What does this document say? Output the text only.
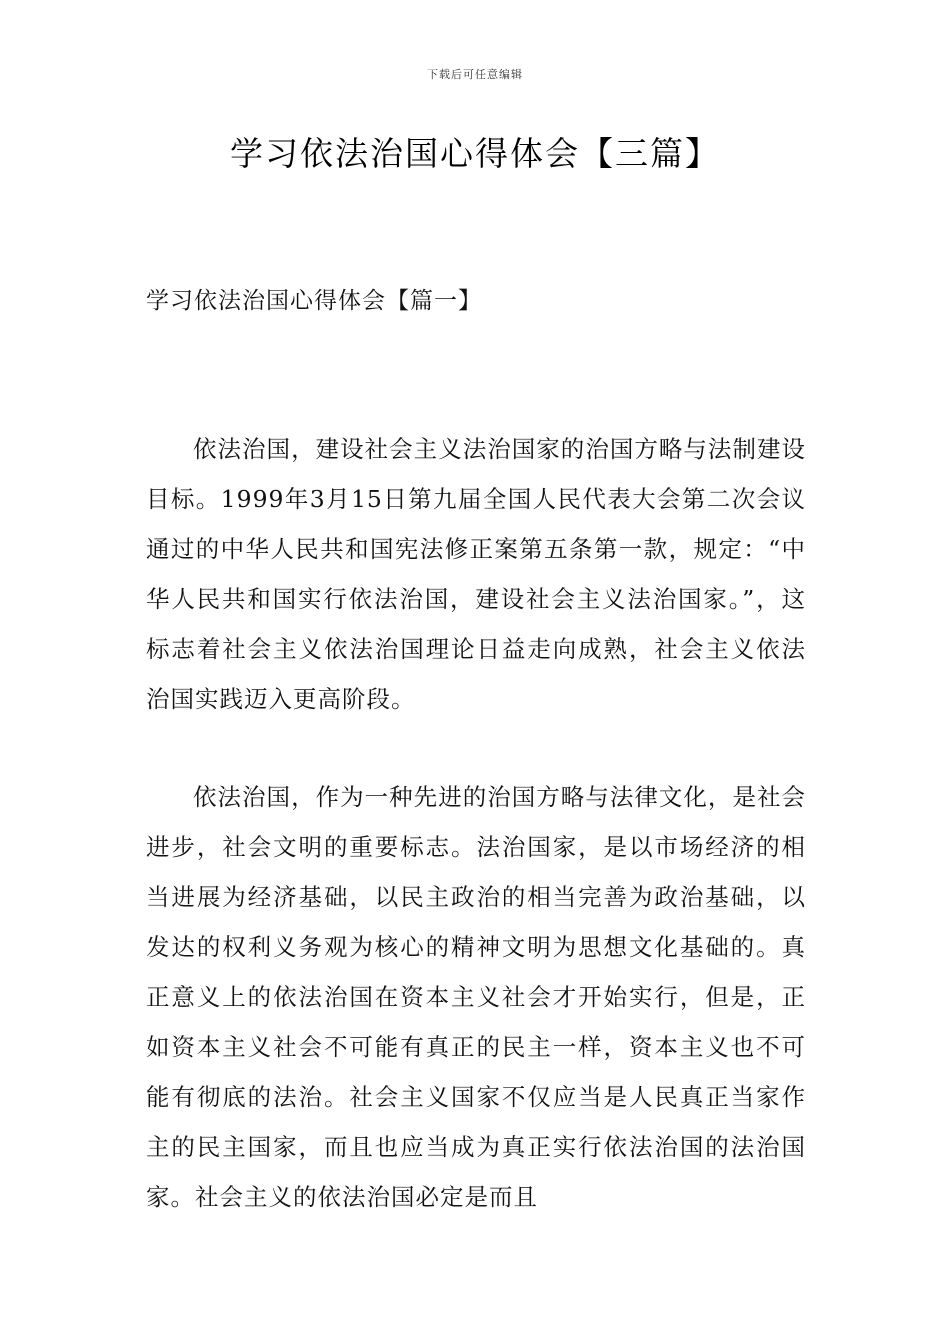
下载后可任意编辑
学习依法治国心得体会【三篇】
学习依法治国心得体会【篇一】

依法治国，建设社会主义法治国家的治国方略与法制建设目标。1999年3月15日第九届全国人民代表大会第二次会议通过的中华人民共和国宪法修正案第五条第一款，规定：“中华人民共和国实行依法治国，建设社会主义法治国家。”，这标志着社会主义依法治国理论日益走向成熟，社会主义依法治国实践迈入更高阶段。

依法治国，作为一种先进的治国方略与法律文化，是社会进步，社会文明的重要标志。法治国家，是以市场经济的相当进展为经济基础，以民主政治的相当完善为政治基础，以发达的权利义务观为核心的精神文明为思想文化基础的。真正意义上的依法治国在资本主义社会才开始实行，但是，正如资本主义社会不可能有真正的民主一样，资本主义也不可能有彻底的法治。社会主义国家不仅应当是人民真正当家作主的民主国家，而且也应当成为真正实行依法治国的法治国家。社会主义的依法治国必定是而且
